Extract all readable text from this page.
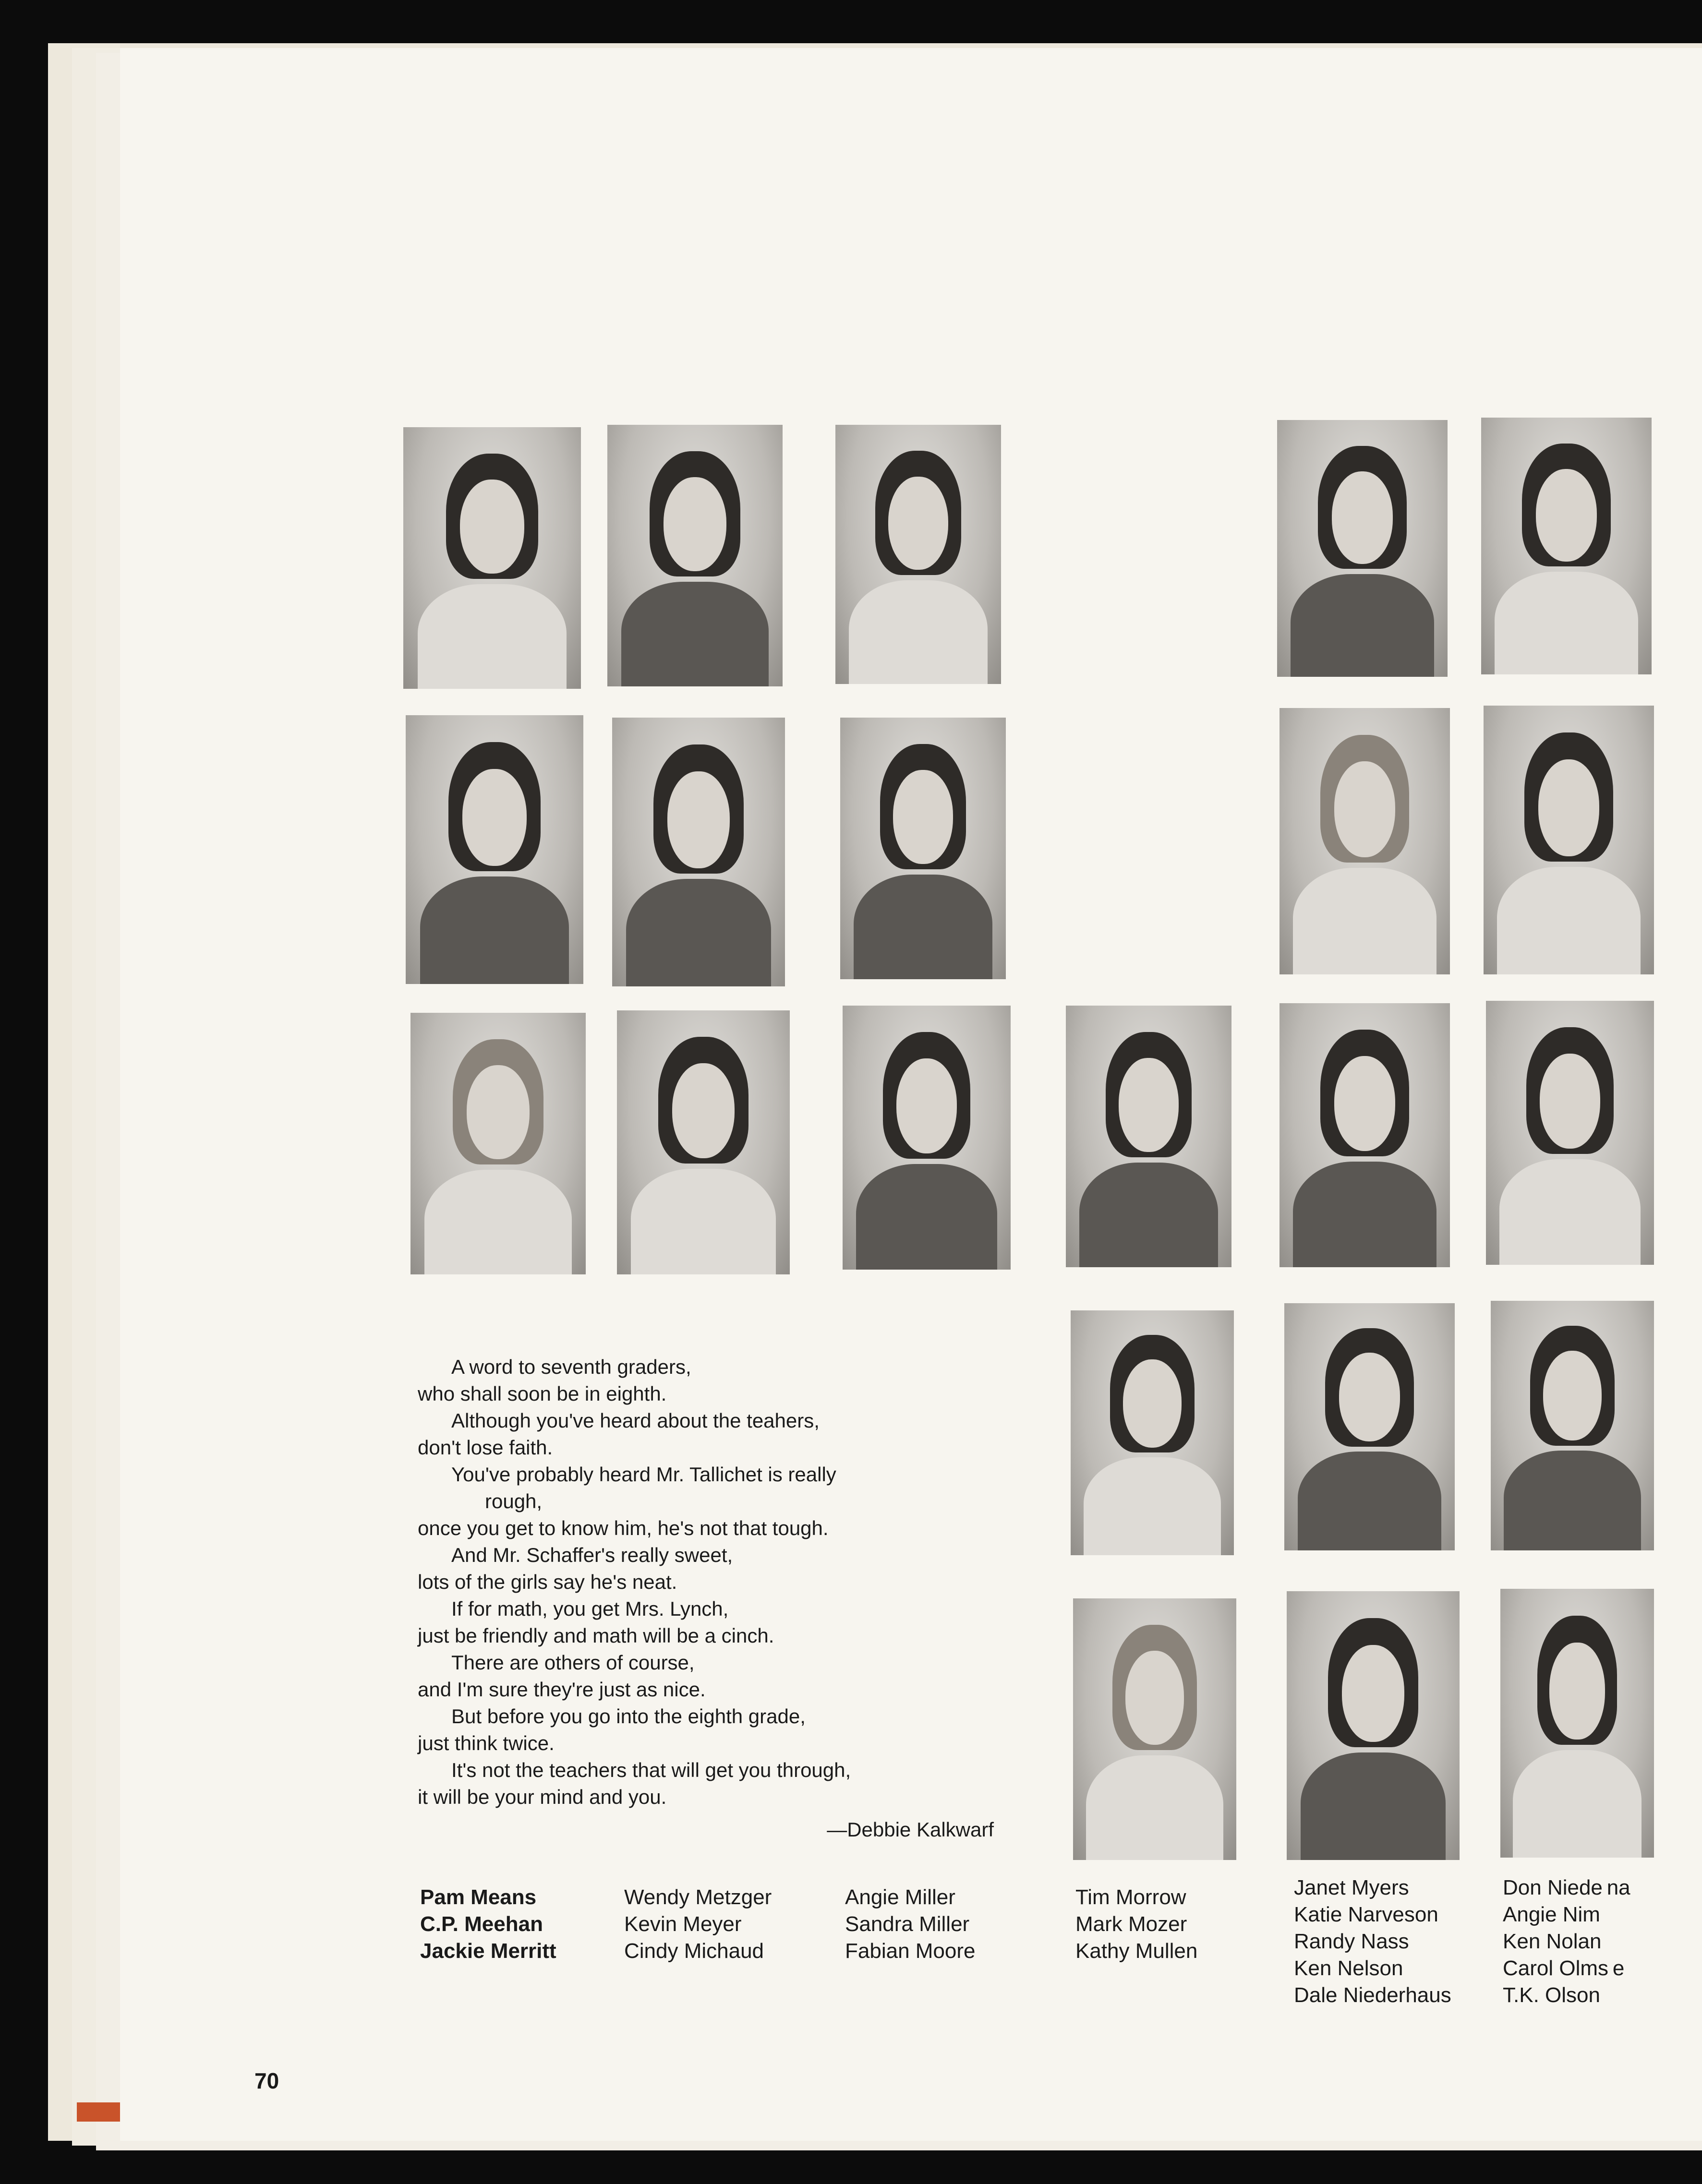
A word to seventh graders,
who shall soon be in eighth.
Although you've heard about the teahers,
don't lose faith.
You've probably heard Mr. Tallichet is really
rough,
once you get to know him, he's not that tough.
And Mr. Schaffer's really sweet,
lots of the girls say he's neat.
If for math, you get Mrs. Lynch,
just be friendly and math will be a cinch.
There are others of course,
and I'm sure they're just as nice.
But before you go into the eighth grade,
just think twice.
It's not the teachers that will get you through,
it will be your mind and you.
—Debbie Kalkwarf
Pam Means
C.P. Meehan
Jackie Merritt
Wendy Metzger
Kevin Meyer
Cindy Michaud
Angie Miller
Sandra Miller
Fabian Moore
Tim Morrow
Mark Mozer
Kathy Mullen
Janet Myers
Katie Narveson
Randy Nass
Ken Nelson
Dale Niederhaus
Don Niede na
Angie Nim
Ken Nolan
Carol Olms e
T.K. Olson
70
